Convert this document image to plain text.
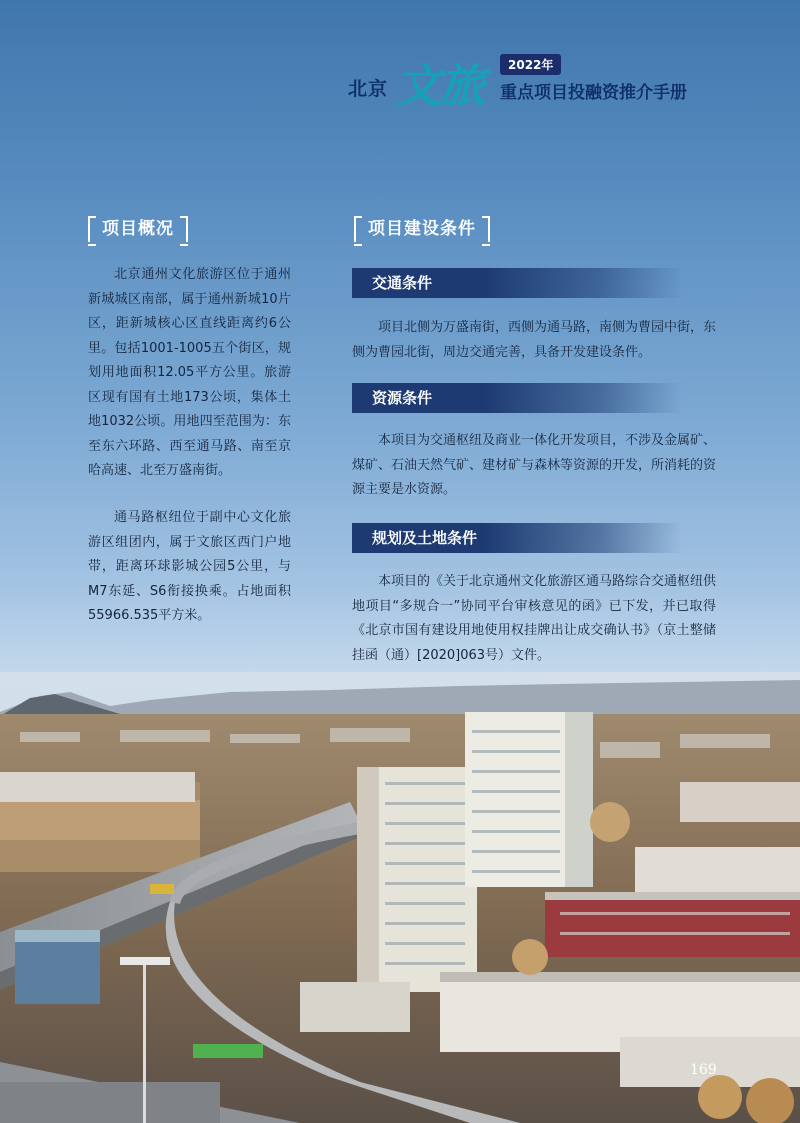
北京 文旅	2022年
重点项目投融资推介手册
项目概况

北京通州文化旅游区位于通州新城城区南部，属于通州新城10片区，距新城核心区直线距离约6公里。包括1001-1005五个街区，规划用地面积12.05平方公里。旅游区现有国有土地173公顷，集体土地1032公顷。用地四至范围为：东至东六环路、西至通马路、南至京哈高速、北至万盛南街。

通马路枢纽位于副中心文化旅游区组团内，属于文旅区西门户地带，距离环球影城公园5公里，与M7东延、S6衔接换乘。占地面积55966.535平方米。

项目建设条件
交通条件

项目北侧为万盛南街，西侧为通马路，南侧为曹园中街，东侧为曹园北街，周边交通完善，具备开发建设条件。

资源条件

本项目为交通枢纽及商业一体化开发项目，不涉及金属矿、煤矿、石油天然气矿、建材矿与森林等资源的开发，所消耗的资源主要是水资源。

规划及土地条件

本项目的《关于北京通州文化旅游区通马路综合交通枢纽供地项目“多规合一”协同平台审核意见的函》已下发，并已取得《北京市国有建设用地使用权挂牌出让成交确认书》（京土整储挂函（通）[2020]063号）文件。

169
